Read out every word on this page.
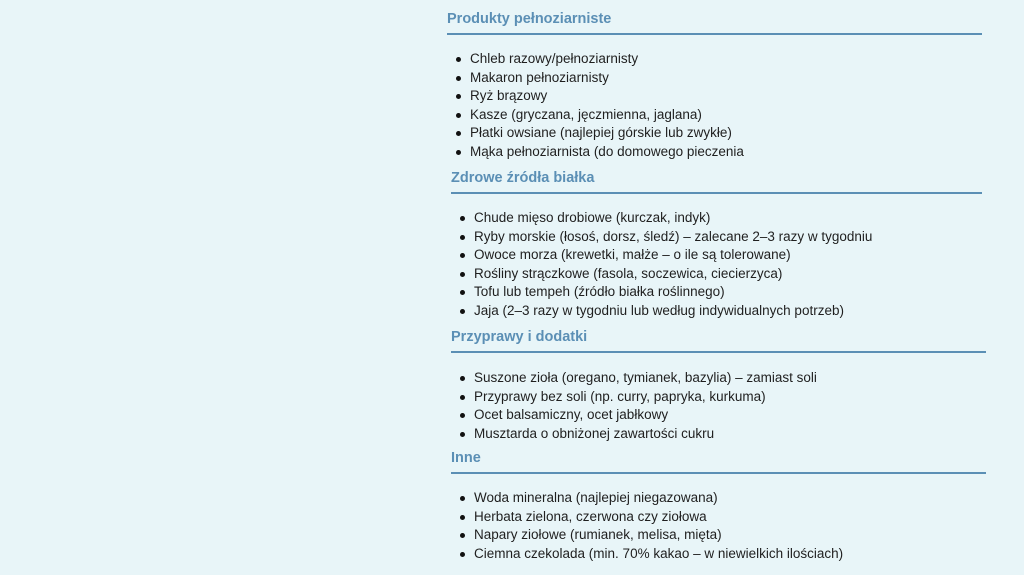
Produkty pełnoziarniste
Chleb razowy/pełnoziarnisty
Makaron pełnoziarnisty
Ryż brązowy
Kasze (gryczana, jęczmienna, jaglana)
Płatki owsiane (najlepiej górskie lub zwykłe)
Mąka pełnoziarnista (do domowego pieczenia
Zdrowe źródła białka
Chude mięso drobiowe (kurczak, indyk)
Ryby morskie (łosoś, dorsz, śledź) – zalecane 2–3 razy w tygodniu
Owoce morza (krewetki, małże – o ile są tolerowane)
Rośliny strączkowe (fasola, soczewica, ciecierzyca)
Tofu lub tempeh (źródło białka roślinnego)
Jaja (2–3 razy w tygodniu lub według indywidualnych potrzeb)
Przyprawy i dodatki
Suszone zioła (oregano, tymianek, bazylia) – zamiast soli
Przyprawy bez soli (np. curry, papryka, kurkuma)
Ocet balsamiczny, ocet jabłkowy
Musztarda o obniżonej zawartości cukru
Inne
Woda mineralna (najlepiej niegazowana)
Herbata zielona, czerwona czy ziołowa
Napary ziołowe (rumianek, melisa, mięta)
Ciemna czekolada (min. 70% kakao – w niewielkich ilościach)
